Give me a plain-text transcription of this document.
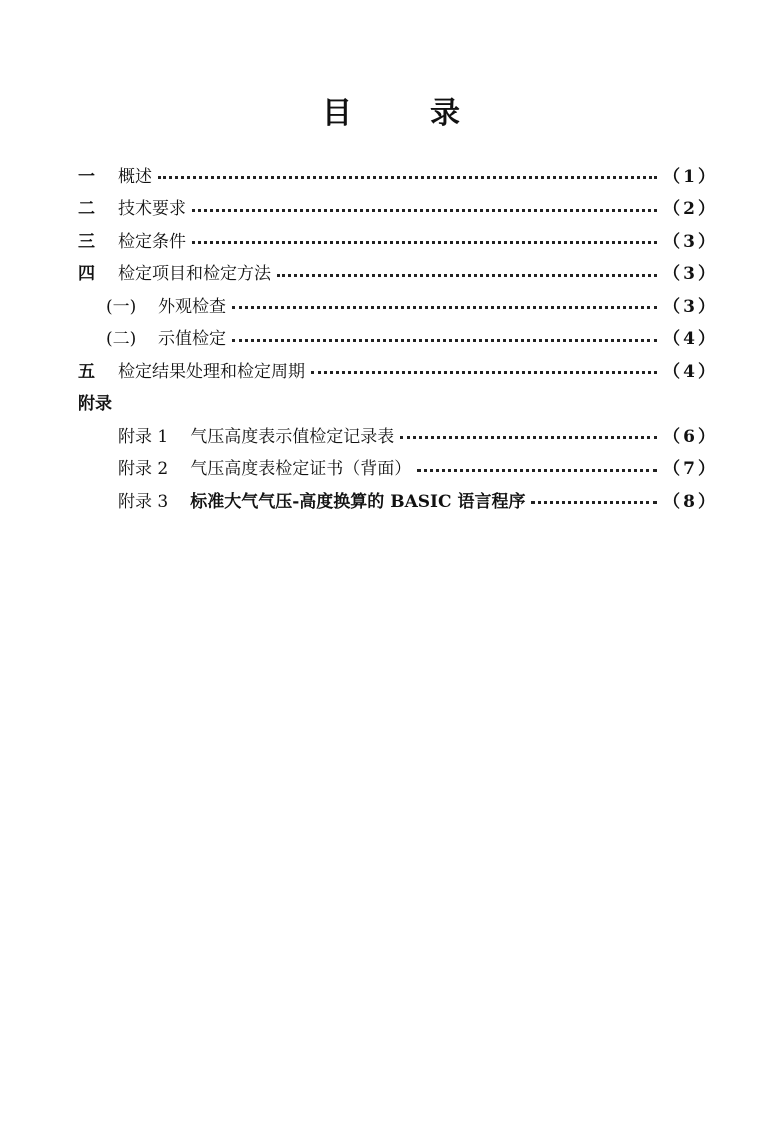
目	录
一	概述	（1）
二	技术要求	（2）
三	检定条件	（3）
四	检定项目和检定方法	（3）
(一)	外观检查	（3）
(二)	示值检定	（4）
五	检定结果处理和检定周期	（4）
附录
附录 1 气压高度表示值检定记录表	（6）
附录 2 气压高度表检定证书（背面）	（7）
附录 3 标准大气气压-高度换算的 BASIC 语言程序	（8）
